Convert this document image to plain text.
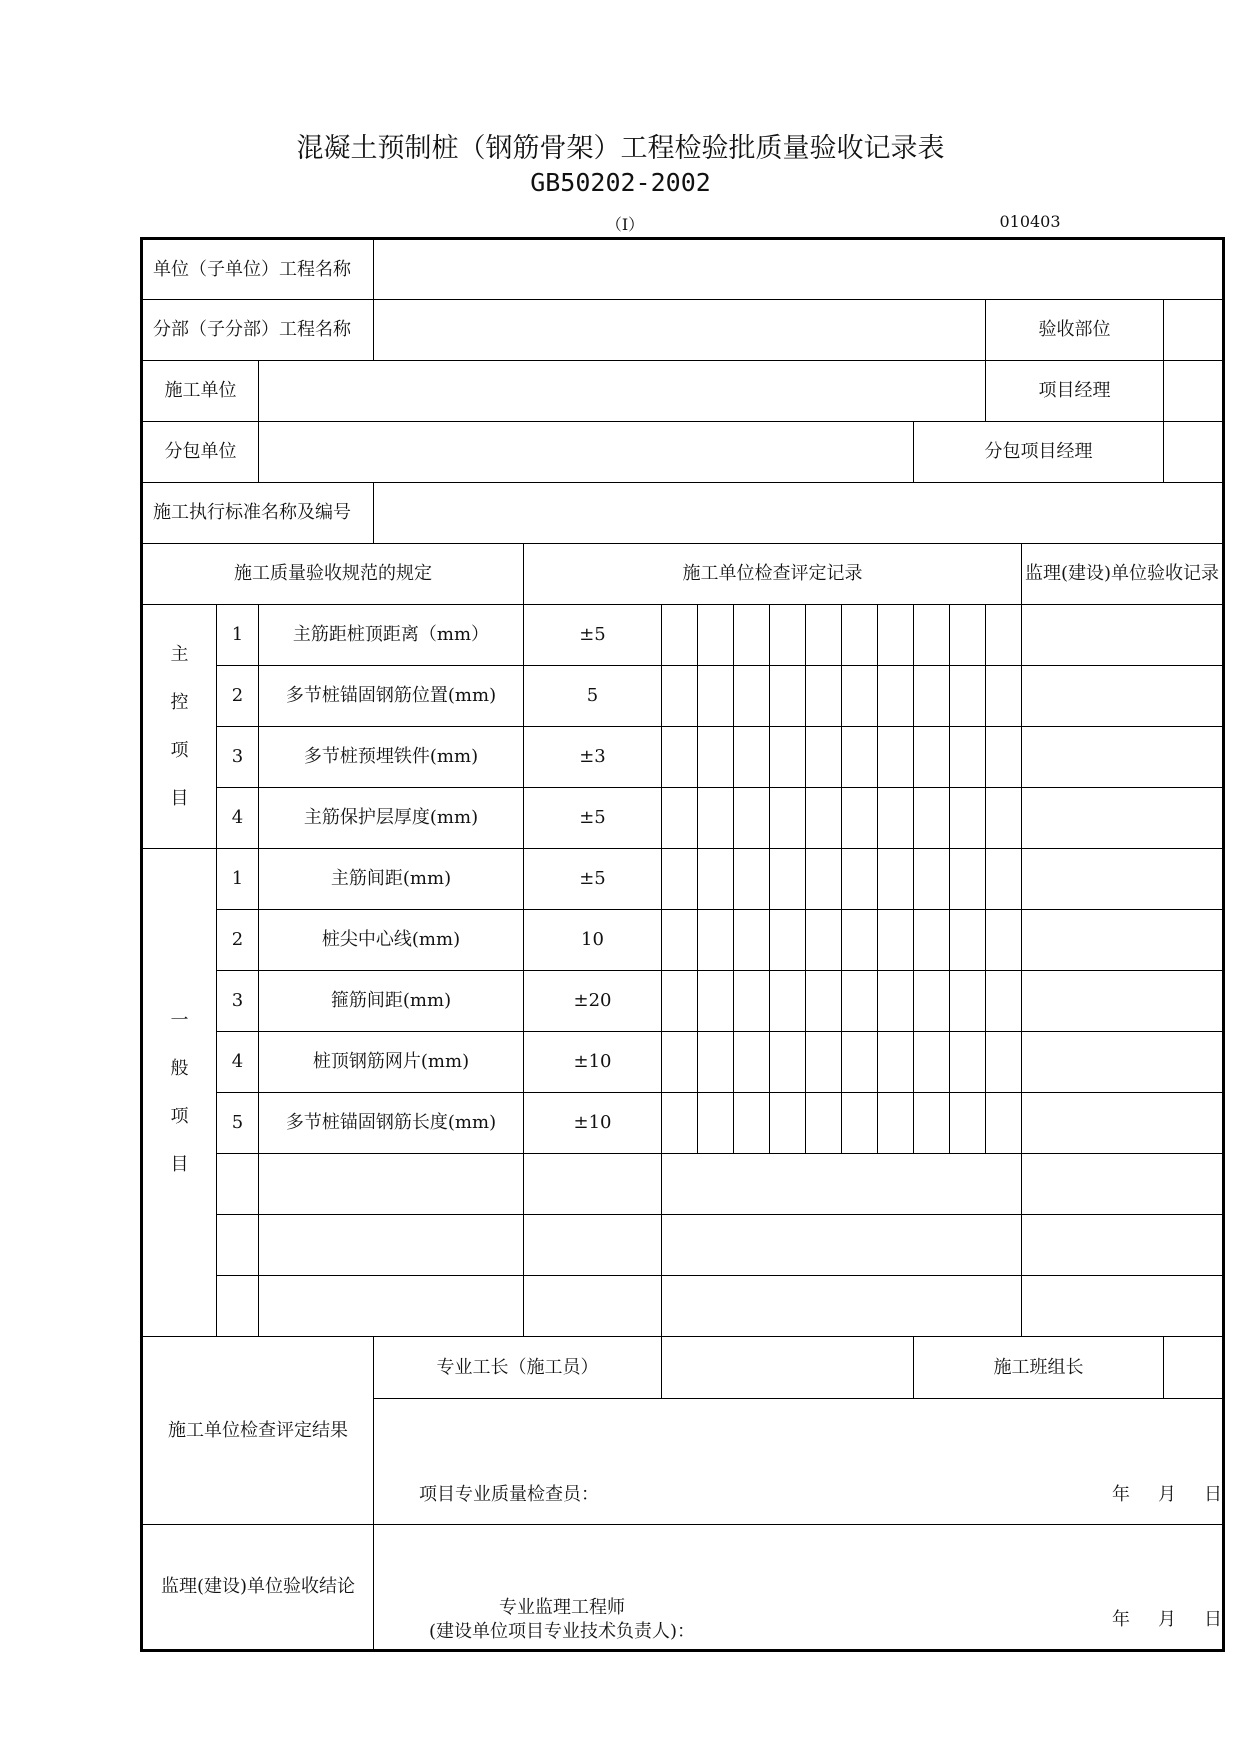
混凝土预制桩（钢筋骨架）工程检验批质量验收记录表
GB50202-2002
（Ⅰ）	010403
单位（子单位）工程名称																
分部（子分部）工程名称														验收部位		
施工单位														项目经理		
分包单位												分包项目经理				
施工执行标准名称及编号																
施工质量验收规范的规定				施工单位检查评定记录											监理(建设)单位验收记录	
主
控
项
目	1	主筋距桩顶距离（mm）		±5												
	2	多节桩锚固钢筋位置(mm)		5												
	3	多节桩预埋铁件(mm)		±3												
	4	主筋保护层厚度(mm)		±5												
一
般
项
目	1	主筋间距(mm)		±5												
	2	桩尖中心线(mm)		10												
	3	箍筋间距(mm)		±20												
	4	桩顶钢筋网片(mm)		±10												
	5	多节桩锚固钢筋长度(mm)		±10												

施工单位检查评定结果			专业工长（施工员）									施工班组长				

			项目专业质量检查员： 年 月 日													

监理(建设)单位验收结论			专业监理工程师
(建设单位项目专业技术负责人)：
年 月 日													
